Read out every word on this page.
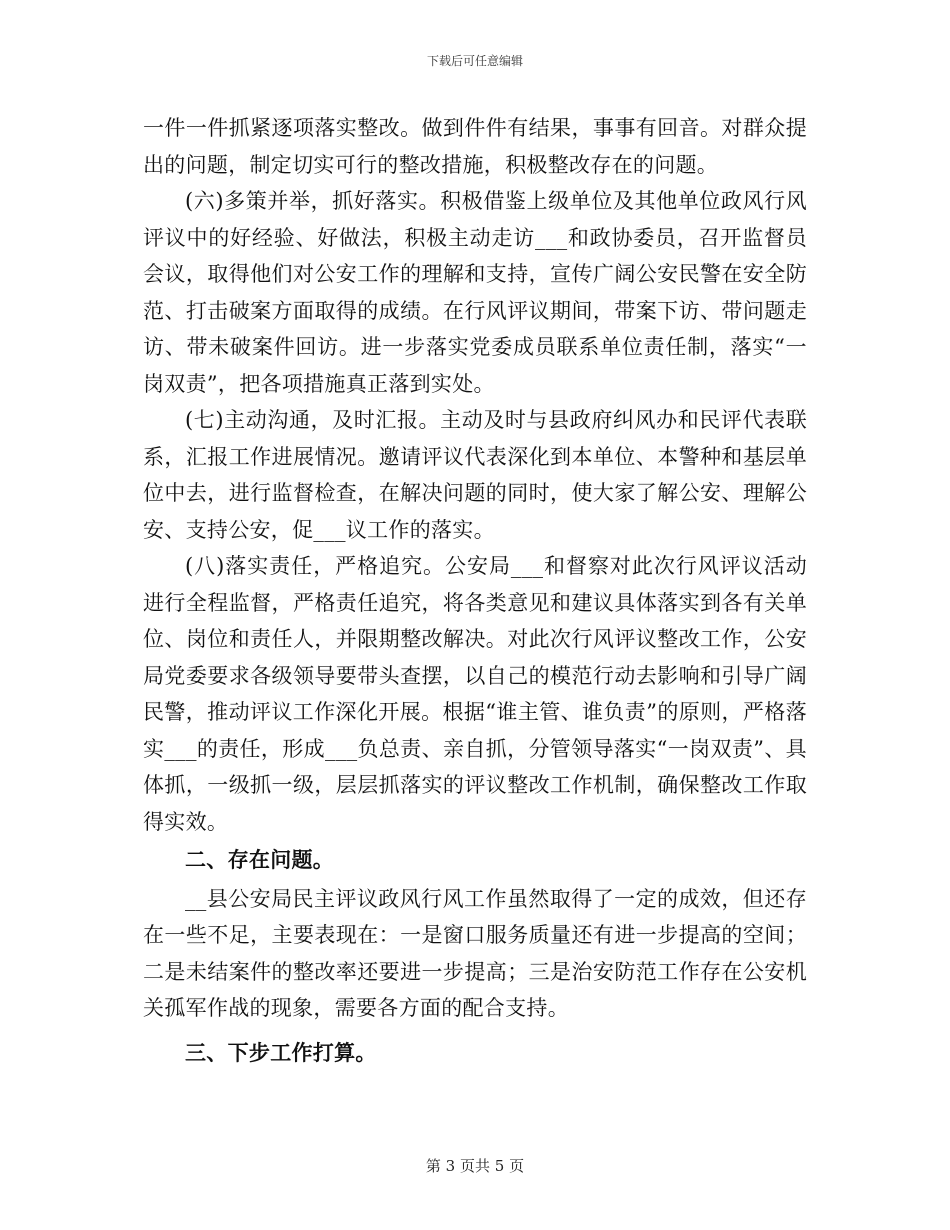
下载后可任意编辑

一件一件抓紧逐项落实整改。做到件件有结果，事事有回音。对群众提出的问题，制定切实可行的整改措施，积极整改存在的问题。

(六)多策并举，抓好落实。积极借鉴上级单位及其他单位政风行风评议中的好经验、好做法，积极主动走访___和政协委员，召开监督员会议，取得他们对公安工作的理解和支持，宣传广阔公安民警在安全防范、打击破案方面取得的成绩。在行风评议期间，带案下访、带问题走访、带未破案件回访。进一步落实党委成员联系单位责任制，落实“一岗双责”，把各项措施真正落到实处。

(七)主动沟通，及时汇报。主动及时与县政府纠风办和民评代表联系，汇报工作进展情况。邀请评议代表深化到本单位、本警种和基层单位中去，进行监督检查，在解决问题的同时，使大家了解公安、理解公安、支持公安，促___议工作的落实。

(八)落实责任，严格追究。公安局___和督察对此次行风评议活动进行全程监督，严格责任追究，将各类意见和建议具体落实到各有关单位、岗位和责任人，并限期整改解决。对此次行风评议整改工作，公安局党委要求各级领导要带头查摆，以自己的模范行动去影响和引导广阔民警，推动评议工作深化开展。根据“谁主管、谁负责”的原则，严格落实___的责任，形成___负总责、亲自抓，分管领导落实“一岗双责”、具体抓，一级抓一级，层层抓落实的评议整改工作机制，确保整改工作取得实效。

二、存在问题。

__县公安局民主评议政风行风工作虽然取得了一定的成效，但还存在一些不足，主要表现在：一是窗口服务质量还有进一步提高的空间；二是未结案件的整改率还要进一步提高；三是治安防范工作存在公安机关孤军作战的现象，需要各方面的配合支持。

三、下步工作打算。

第 3 页共 5 页
